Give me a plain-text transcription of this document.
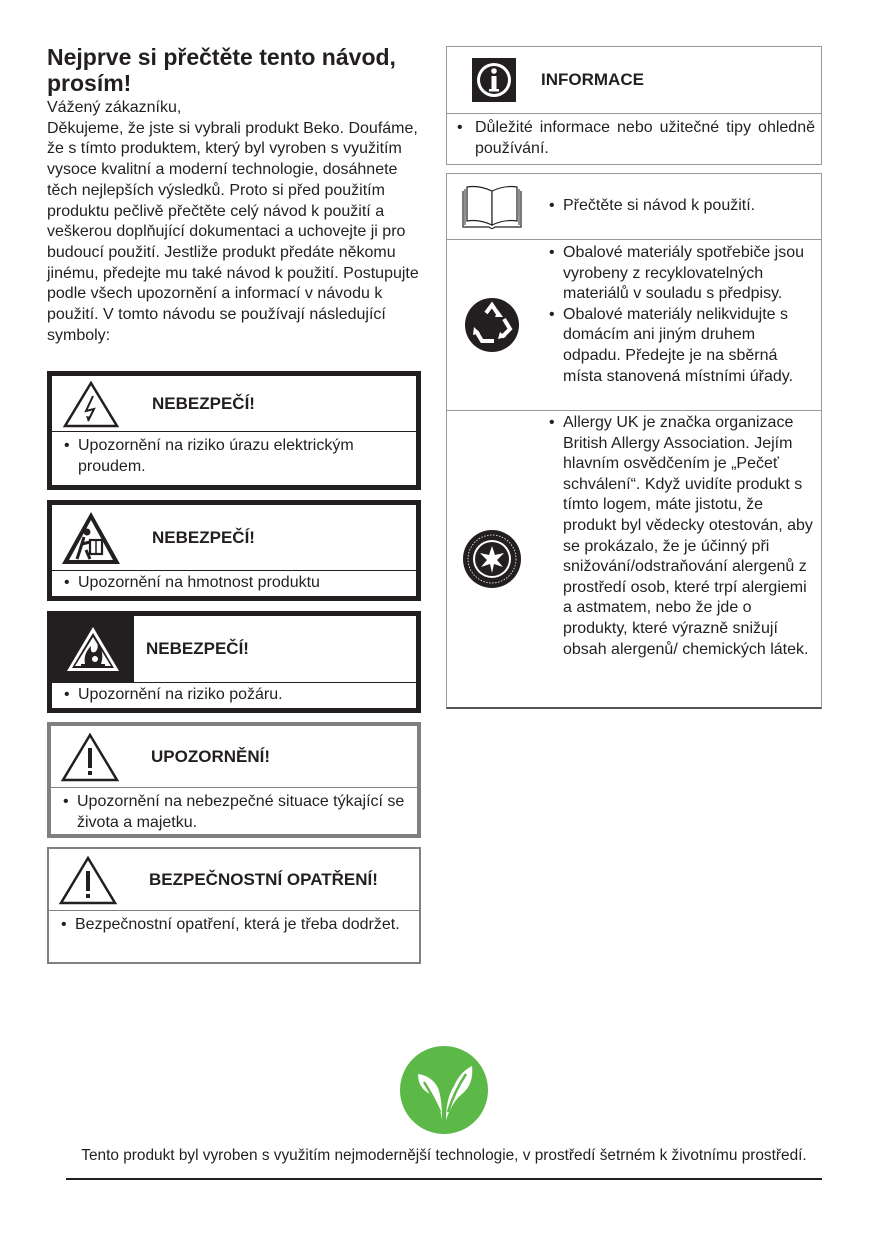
Nejprve si přečtěte tento návod, prosím!

Vážený zákazníku,
Děkujeme, že jste si vybrali produkt Beko. Doufáme, že s tímto produktem, který byl vyroben s využitím vysoce kvalitní a moderní technologie, dosáhnete těch nejlepších výsledků. Proto si před použitím produktu pečlivě přečtěte celý návod k použití a veškerou doplňující dokumentaci a uchovejte ji pro budoucí použití. Jestliže produkt předáte někomu jinému, předejte mu také návod k použití. Postupujte podle všech upozornění a informací v návodu k použití. V tomto návodu se používají následující symboly:

NEBEZPEČÍ!
• Upozornění na riziko úrazu elektrickým proudem.
NEBEZPEČÍ!
• Upozornění na hmotnost produktu
NEBEZPEČÍ!
• Upozornění na riziko požáru.
UPOZORNĚNÍ!
• Upozornění na nebezpečné situace týkající se života a majetku.
BEZPEČNOSTNÍ OPATŘENÍ!
• Bezpečnostní opatření, která je třeba dodržet.
INFORMACE
• Důležité informace nebo užitečné tipy ohledně používání.
• Přečtěte si návod k použití.
• Obalové materiály spotřebiče jsou vyrobeny z recyklovatelných materiálů v souladu s předpisy.
• Obalové materiály nelikvidujte s domácím ani jiným druhem odpadu. Předejte je na sběrná místa stanovená místními úřady.
• Allergy UK je značka organizace British Allergy Association. Jejím hlavním osvědčením je „Pečeť schválení“. Když uvidíte produkt s tímto logem, máte jistotu, že produkt byl vědecky otestován, aby se prokázalo, že je účinný při snižování/odstraňování alergenů z prostředí osob, které trpí alergiemi a astmatem, nebo že jde o produkty, které výrazně snižují obsah alergenů/ chemických látek.
Tento produkt byl vyroben s využitím nejmodernější technologie, v prostředí šetrném k životnímu prostředí.
